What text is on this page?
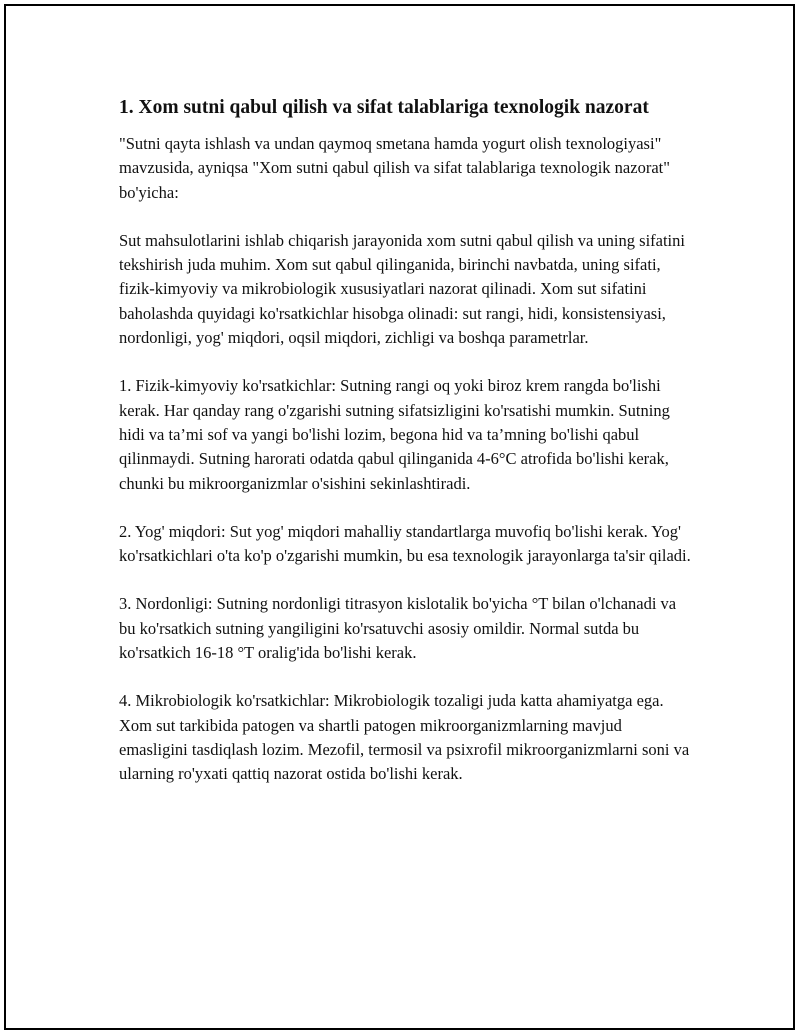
1. Xom sutni qabul qilish va sifat talablariga texnologik nazorat

"Sutni qayta ishlash va undan qaymoq smetana hamda yogurt olish texnologiyasi" mavzusida, ayniqsa "Xom sutni qabul qilish va sifat talablariga texnologik nazorat" bo'yicha:

Sut mahsulotlarini ishlab chiqarish jarayonida xom sutni qabul qilish va uning sifatini tekshirish juda muhim. Xom sut qabul qilinganida, birinchi navbatda, uning sifati, fizik-kimyoviy va mikrobiologik xususiyatlari nazorat qilinadi. Xom sut sifatini baholashda quyidagi ko'rsatkichlar hisobga olinadi: sut rangi, hidi, konsistensiyasi, nordonligi, yog' miqdori, oqsil miqdori, zichligi va boshqa parametrlar.

1. Fizik-kimyoviy ko'rsatkichlar: Sutning rangi oq yoki biroz krem rangda bo'lishi kerak. Har qanday rang o'zgarishi sutning sifatsizligini ko'rsatishi mumkin. Sutning hidi va ta’mi sof va yangi bo'lishi lozim, begona hid va ta’mning bo'lishi qabul qilinmaydi. Sutning harorati odatda qabul qilinganida 4-6°C atrofida bo'lishi kerak, chunki bu mikroorganizmlar o'sishini sekinlashtiradi.

2. Yog' miqdori: Sut yog' miqdori mahalliy standartlarga muvofiq bo'lishi kerak. Yog' ko'rsatkichlari o'ta ko'p o'zgarishi mumkin, bu esa texnologik jarayonlarga ta'sir qiladi.

3. Nordonligi: Sutning nordonligi titrasyon kislotalik bo'yicha °T bilan o'lchanadi va bu ko'rsatkich sutning yangiligini ko'rsatuvchi asosiy omildir. Normal sutda bu ko'rsatkich 16-18 °T oralig'ida bo'lishi kerak.

4. Mikrobiologik ko'rsatkichlar: Mikrobiologik tozaligi juda katta ahamiyatga ega. Xom sut tarkibida patogen va shartli patogen mikroorganizmlarning mavjud emasligini tasdiqlash lozim. Mezofil, termosil va psixrofil mikroorganizmlarni soni va ularning ro'yxati qattiq nazorat ostida bo'lishi kerak.
